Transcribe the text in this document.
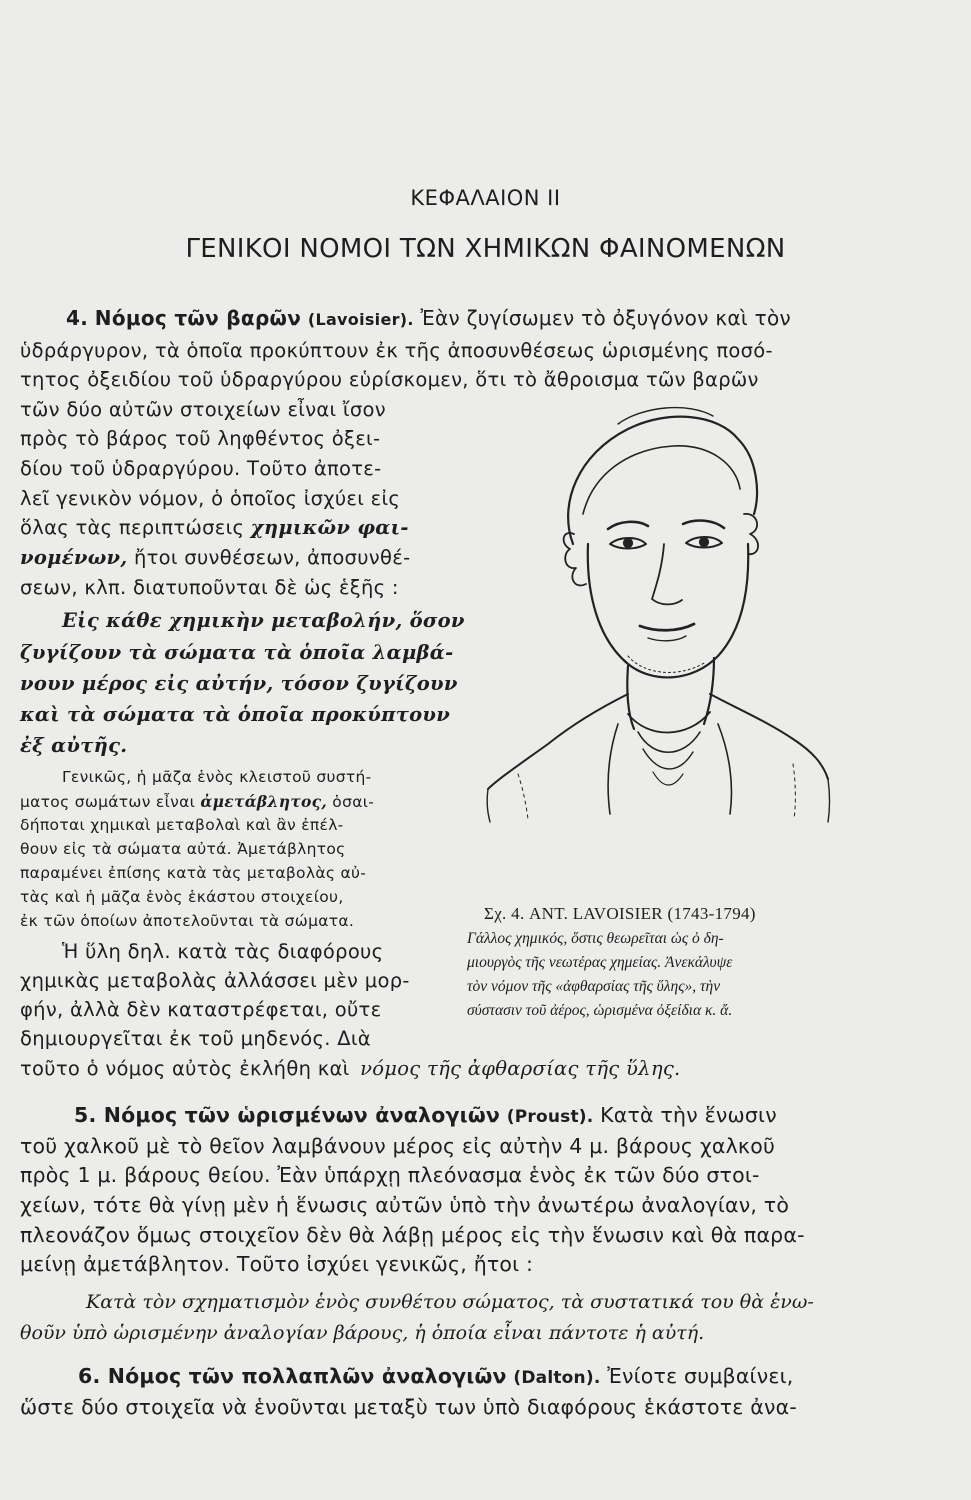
ΚΕΦΑΛΑΙΟΝ ΙΙ
ΓΕΝΙΚΟΙ ΝΟΜΟΙ ΤΩΝ ΧΗΜΙΚΩΝ ΦΑΙΝΟΜΕΝΩΝ
4. Νόμος τῶν βαρῶν (Lavoisier). Ἐὰν ζυγίσωμεν τὸ ὀξυγόνον καὶ τὸν
ὑδράργυρον, τὰ ὁποῖα προκύπτουν ἐκ τῆς ἀποσυνθέσεως ὡρισμένης ποσό-
τητος ὀξειδίου τοῦ ὑδραργύρου εὑρίσκομεν, ὅτι τὸ ἄθροισμα τῶν βαρῶν
τῶν δύο αὐτῶν στοιχείων εἶναι ἴσον
πρὸς τὸ βάρος τοῦ ληφθέντος ὀξει-
δίου τοῦ ὑδραργύρου. Τοῦτο ἀποτε-
λεῖ γενικὸν νόμον, ὁ ὁποῖος ἰσχύει εἰς
ὅλας τὰς περιπτώσεις χημικῶν φαι-
νομένων, ἤτοι συνθέσεων, ἀποσυνθέ-
σεων, κλπ. διατυποῦνται δὲ ὡς ἑξῆς :
Εἰς κάθε χημικὴν μεταβολήν, ὅσον
ζυγίζουν τὰ σώματα τὰ ὁποῖα λαμβά-
νουν μέρος εἰς αὐτήν, τόσον ζυγίζουν
καὶ τὰ σώματα τὰ ὁποῖα προκύπτουν
ἐξ αὐτῆς.
Γενικῶς, ἡ μᾶζα ἑνὸς κλειστοῦ συστή-
ματος σωμάτων εἶναι ἀμετάβλητος, ὁσαι-
δήποται χημικαὶ μεταβολαὶ καὶ ἂν ἐπέλ-
θουν εἰς τὰ σώματα αὐτά. Ἀμετάβλητος
παραμένει ἐπίσης κατὰ τὰς μεταβολὰς αὐ-
τὰς καὶ ἡ μᾶζα ἑνὸς ἑκάστου στοιχείου,
ἐκ τῶν ὁποίων ἀποτελοῦνται τὰ σώματα.
Ἡ ὕλη δηλ. κατὰ τὰς διαφόρους
χημικὰς μεταβολὰς ἀλλάσσει μὲν μορ-
φήν, ἀλλὰ δὲν καταστρέφεται, οὔτε
δημιουργεῖται ἐκ τοῦ μηδενός. Διὰ
τοῦτο ὁ νόμος αὐτὸς ἐκλήθη καὶ νόμος τῆς ἀφθαρσίας τῆς ὕλης.
Σχ. 4. ANT. LAVOISIER (1743-1794)
Γάλλος χημικός, ὅστις θεωρεῖται ὡς ὁ δη-
μιουργὸς τῆς νεωτέρας χημείας. Ἀνεκάλυψε
τὸν νόμον τῆς «ἀφθαρσίας τῆς ὕλης», τὴν
σύστασιν τοῦ ἀέρος, ὡρισμένα ὀξείδια κ. ἄ.
5. Νόμος τῶν ὡρισμένων ἀναλογιῶν (Proust). Κατὰ τὴν ἕνωσιν
τοῦ χαλκοῦ μὲ τὸ θεῖον λαμβάνουν μέρος εἰς αὐτὴν 4 μ. βάρους χαλκοῦ
πρὸς 1 μ. βάρους θείου. Ἐὰν ὑπάρχῃ πλεόνασμα ἑνὸς ἐκ τῶν δύο στοι-
χείων, τότε θὰ γίνῃ μὲν ἡ ἕνωσις αὐτῶν ὑπὸ τὴν ἀνωτέρω ἀναλογίαν, τὸ
πλεονάζον ὅμως στοιχεῖον δὲν θὰ λάβῃ μέρος εἰς τὴν ἕνωσιν καὶ θὰ παρα-
μείνῃ ἀμετάβλητον. Τοῦτο ἰσχύει γενικῶς, ἤτοι :
Κατὰ τὸν σχηματισμὸν ἑνὸς συνθέτου σώματος, τὰ συστατικά του θὰ ἑνω-
θοῦν ὑπὸ ὡρισμένην ἀναλογίαν βάρους, ἡ ὁποία εἶναι πάντοτε ἡ αὐτή.
6. Νόμος τῶν πολλαπλῶν ἀναλογιῶν (Dalton). Ἐνίοτε συμβαίνει,
ὥστε δύο στοιχεῖα νὰ ἑνοῦνται μεταξὺ των ὑπὸ διαφόρους ἑκάστοτε ἀνα-
